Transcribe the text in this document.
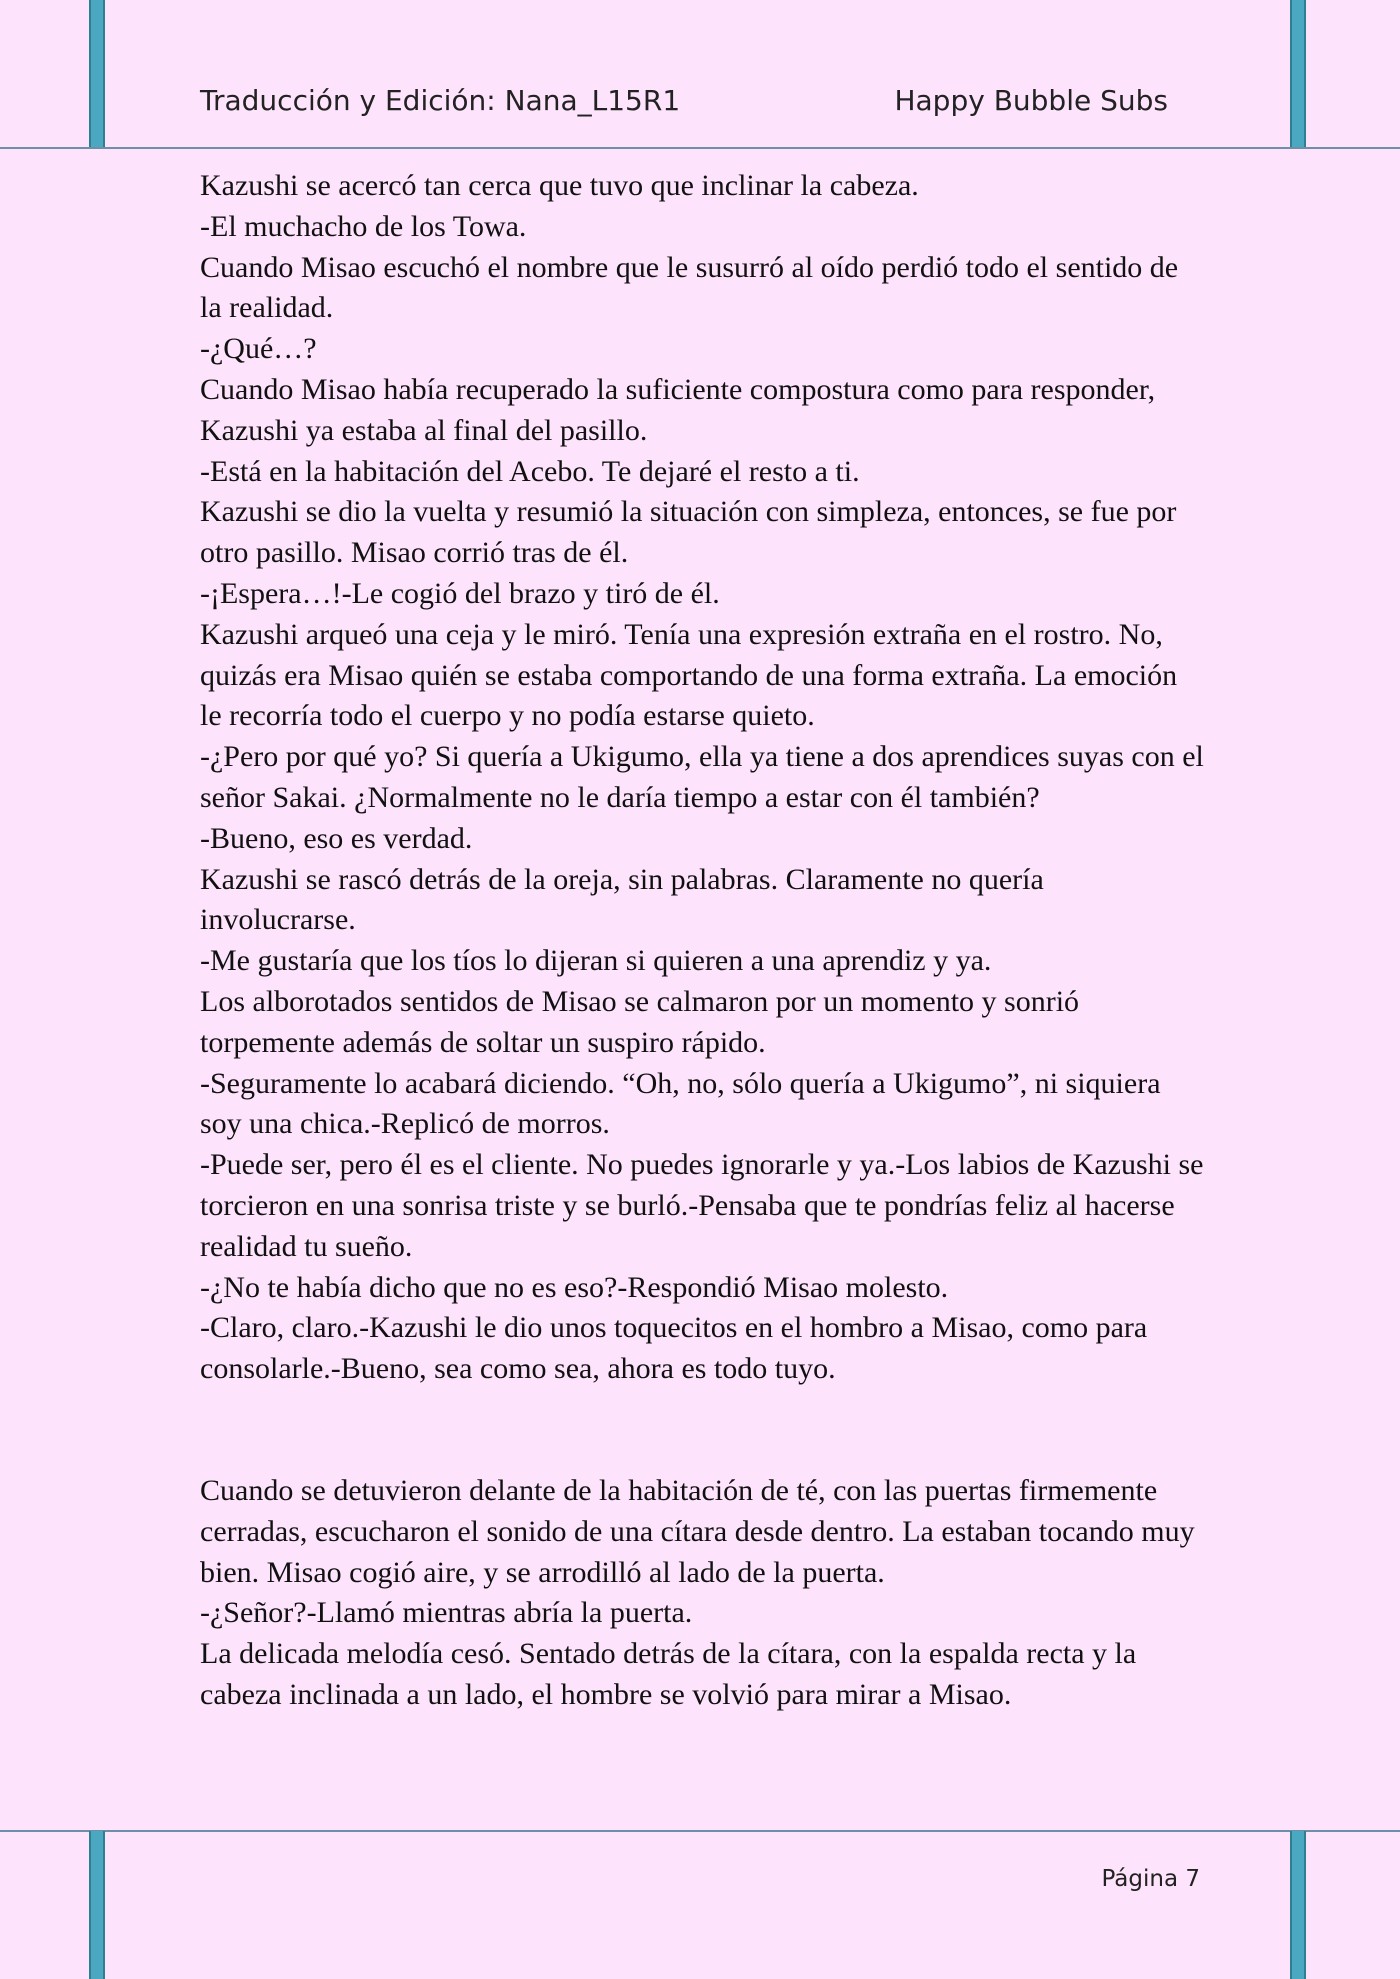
Traducción y Edición: Nana_L15R1	Happy Bubble Subs

Kazushi se acercó tan cerca que tuvo que inclinar la cabeza.

-El muchacho de los Towa.

Cuando Misao escuchó el nombre que le susurró al oído perdió todo el sentido de la realidad.

-¿Qué…?

Cuando Misao había recuperado la suficiente compostura como para responder, Kazushi ya estaba al final del pasillo.

-Está en la habitación del Acebo. Te dejaré el resto a ti.

Kazushi se dio la vuelta y resumió la situación con simpleza, entonces, se fue por otro pasillo. Misao corrió tras de él.

-¡Espera…!-Le cogió del brazo y tiró de él.

Kazushi arqueó una ceja y le miró. Tenía una expresión extraña en el rostro. No, quizás era Misao quién se estaba comportando de una forma extraña. La emoción le recorría todo el cuerpo y no podía estarse quieto.

-¿Pero por qué yo? Si quería a Ukigumo, ella ya tiene a dos aprendices suyas con el señor Sakai. ¿Normalmente no le daría tiempo a estar con él también?

-Bueno, eso es verdad.

Kazushi se rascó detrás de la oreja, sin palabras. Claramente no quería involucrarse.

-Me gustaría que los tíos lo dijeran si quieren a una aprendiz y ya.

Los alborotados sentidos de Misao se calmaron por un momento y sonrió torpemente además de soltar un suspiro rápido.

-Seguramente lo acabará diciendo. “Oh, no, sólo quería a Ukigumo”, ni siquiera soy una chica.-Replicó de morros.

-Puede ser, pero él es el cliente. No puedes ignorarle y ya.-Los labios de Kazushi se torcieron en una sonrisa triste y se burló.-Pensaba que te pondrías feliz al hacerse realidad tu sueño.

-¿No te había dicho que no es eso?-Respondió Misao molesto.

-Claro, claro.-Kazushi le dio unos toquecitos en el hombro a Misao, como para consolarle.-Bueno, sea como sea, ahora es todo tuyo.

Cuando se detuvieron delante de la habitación de té, con las puertas firmemente cerradas, escucharon el sonido de una cítara desde dentro. La estaban tocando muy bien. Misao cogió aire, y se arrodilló al lado de la puerta.

-¿Señor?-Llamó mientras abría la puerta.

La delicada melodía cesó. Sentado detrás de la cítara, con la espalda recta y la cabeza inclinada a un lado, el hombre se volvió para mirar a Misao.

Página 7
